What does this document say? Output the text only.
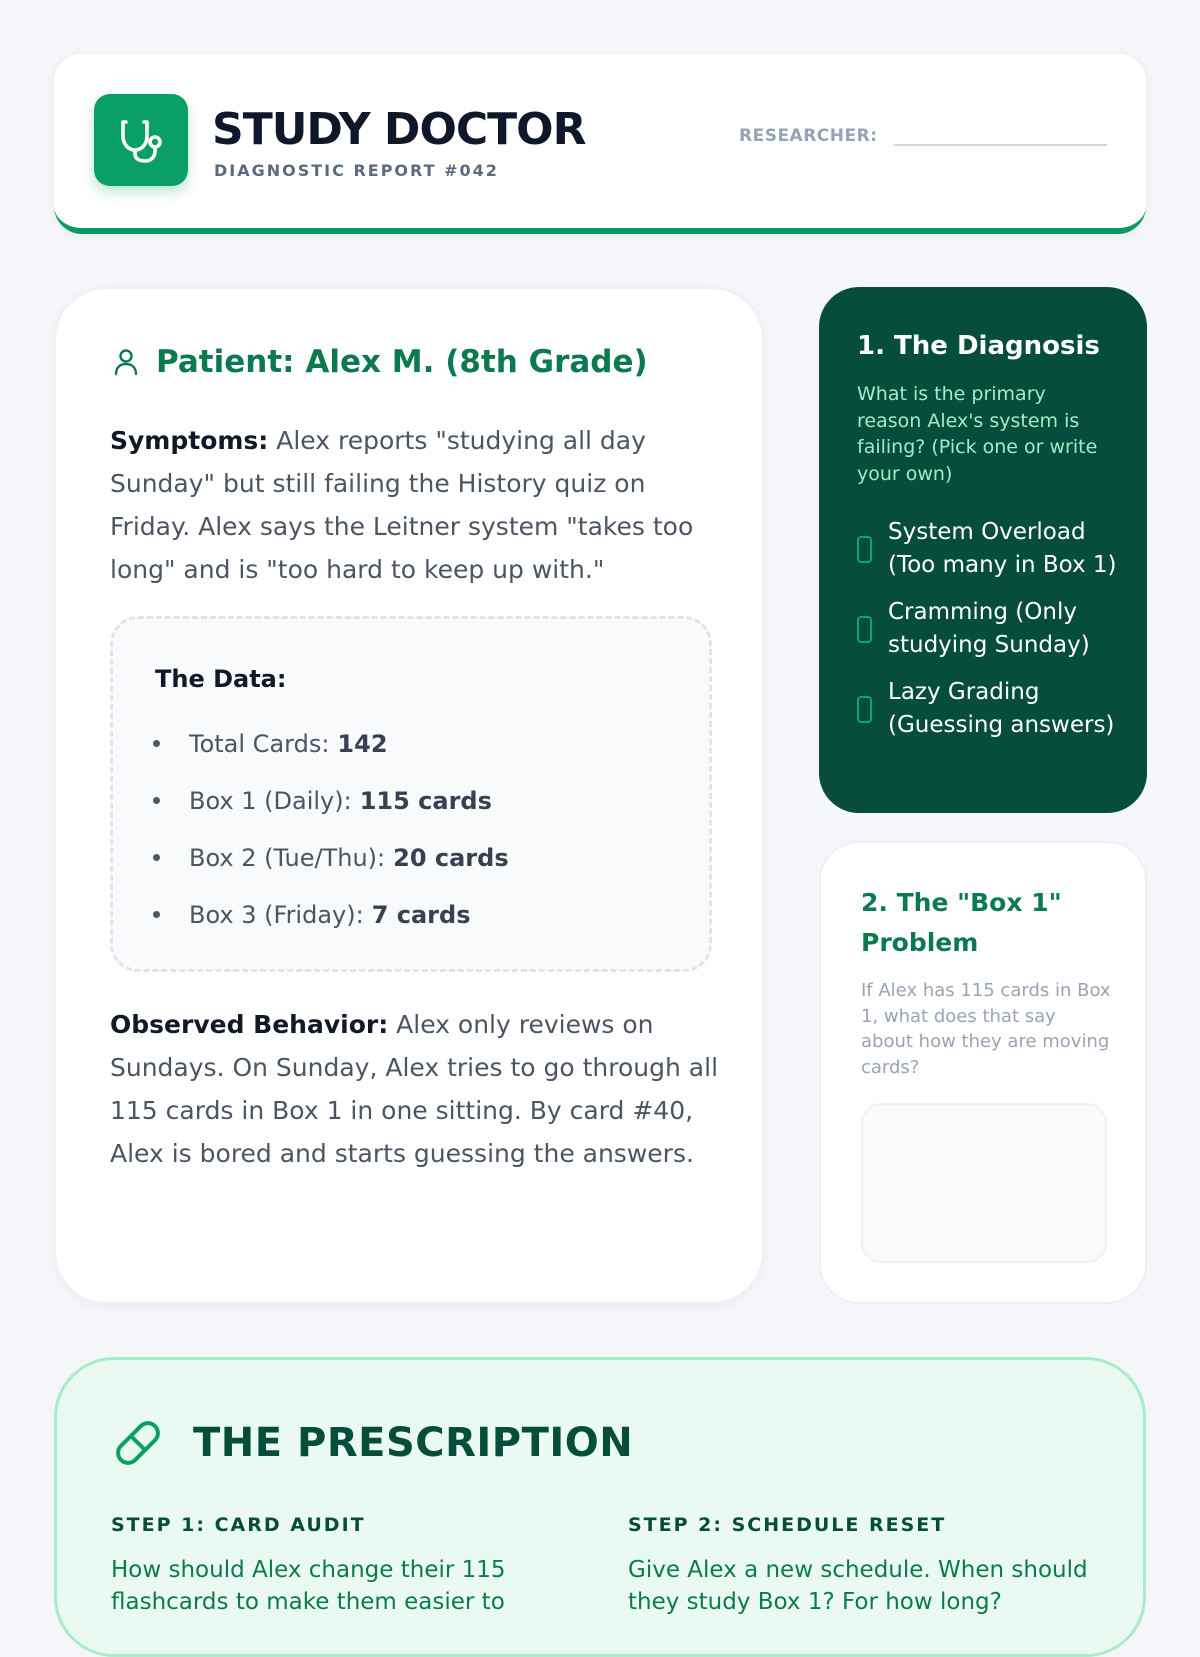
STUDY DOCTOR
DIAGNOSTIC REPORT #042
RESEARCHER:
Patient: Alex M. (8th Grade)

Symptoms: Alex reports "studying all day Sunday" but still failing the History quiz on Friday. Alex says the Leitner system "takes too long" and is "too hard to keep up with."

The Data:
Total Cards: 142
Box 1 (Daily): 115 cards
Box 2 (Tue/Thu): 20 cards
Box 3 (Friday): 7 cards

Observed Behavior: Alex only reviews on Sundays. On Sunday, Alex tries to go through all 115 cards in Box 1 in one sitting. By card #40, Alex is bored and starts guessing the answers.

1. The Diagnosis
What is the primary reason Alex's system is failing? (Pick one or write your own)
System Overload (Too many in Box 1)
Cramming (Only studying Sunday)
Lazy Grading (Guessing answers)
2. The "Box 1" Problem
If Alex has 115 cards in Box 1, what does that say about how they are moving cards?
THE PRESCRIPTION
STEP 1: CARD AUDIT
How should Alex change their 115 flashcards to make them easier to
STEP 2: SCHEDULE RESET
Give Alex a new schedule. When should they study Box 1? For how long?
